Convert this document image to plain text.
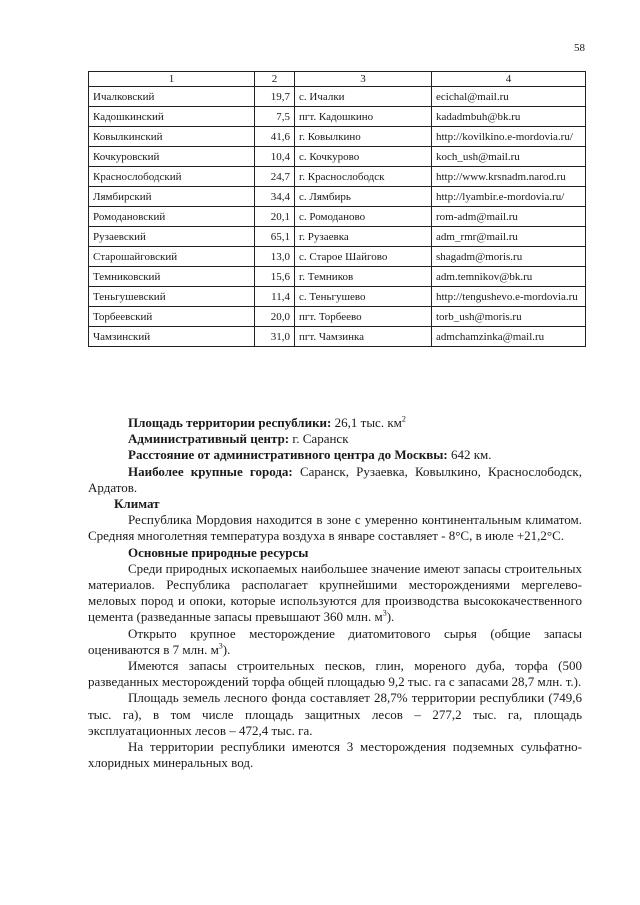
58
1	2	3	4
Ичалковский	19,7	с. Ичалки	ecichal@mail.ru
Кадошкинский	7,5	пгт. Кадошкино	kadadmbuh@bk.ru
Ковылкинский	41,6	г. Ковылкино	http://kovilkino.e-mordovia.ru/
Кочкуровский	10,4	с. Кочкурово	koch_ush@mail.ru
Краснослободский	24,7	г. Краснослободск	http://www.krsnadm.narod.ru
Лямбирский	34,4	с. Лямбирь	http://lyambir.e-mordovia.ru/
Ромодановский	20,1	с. Ромоданово	rom-adm@mail.ru
Рузаевский	65,1	г. Рузаевка	adm_rmr@mail.ru
Старошайговский	13,0	с. Старое Шайгово	shagadm@moris.ru
Темниковский	15,6	г. Темников	adm.temnikov@bk.ru
Теньгушевский	11,4	с. Теньгушево	http://tengushevo.e-mordovia.ru
Торбеевский	20,0	пгт. Торбеево	torb_ush@moris.ru
Чамзинский	31,0	пгт. Чамзинка	admchamzinka@mail.ru

Площадь территории республики: 26,1 тыс. $км^2$

Административный центр: г. Саранск

Расстояние от административного центра до Москвы: 642 км.

Наиболее крупные города: Саранск, Рузаевка, Ковылкино, Краснослободск, Ардатов.

Климат

Республика Мордовия находится в зоне с умеренно континентальным климатом. Средняя многолетняя температура воздуха в январе составляет - 8°С, в июле +21,2°С.

Основные природные ресурсы

Среди природных ископаемых наибольшее значение имеют запасы строительных материалов. Республика располагает крупнейшими месторождениями мергелево-меловых пород и опоки, которые используются для производства высококачественного цемента (разведанные запасы превышают 360 млн. $м^3$).

Открыто крупное месторождение диатомитового сырья (общие запасы оцениваются в 7 млн. $м^3$).

Имеются запасы строительных песков, глин, мореного дуба, торфа (500 разведанных месторождений торфа общей площадью 9,2 тыс. га с запасами 28,7 млн. т.).

Площадь земель лесного фонда составляет 28,7% территории республики (749,6 тыс. га), в том числе площадь защитных лесов – 277,2 тыс. га, площадь эксплуатационных лесов – 472,4 тыс. га.

На территории республики имеются 3 месторождения подземных сульфатно-хлоридных минеральных вод.
